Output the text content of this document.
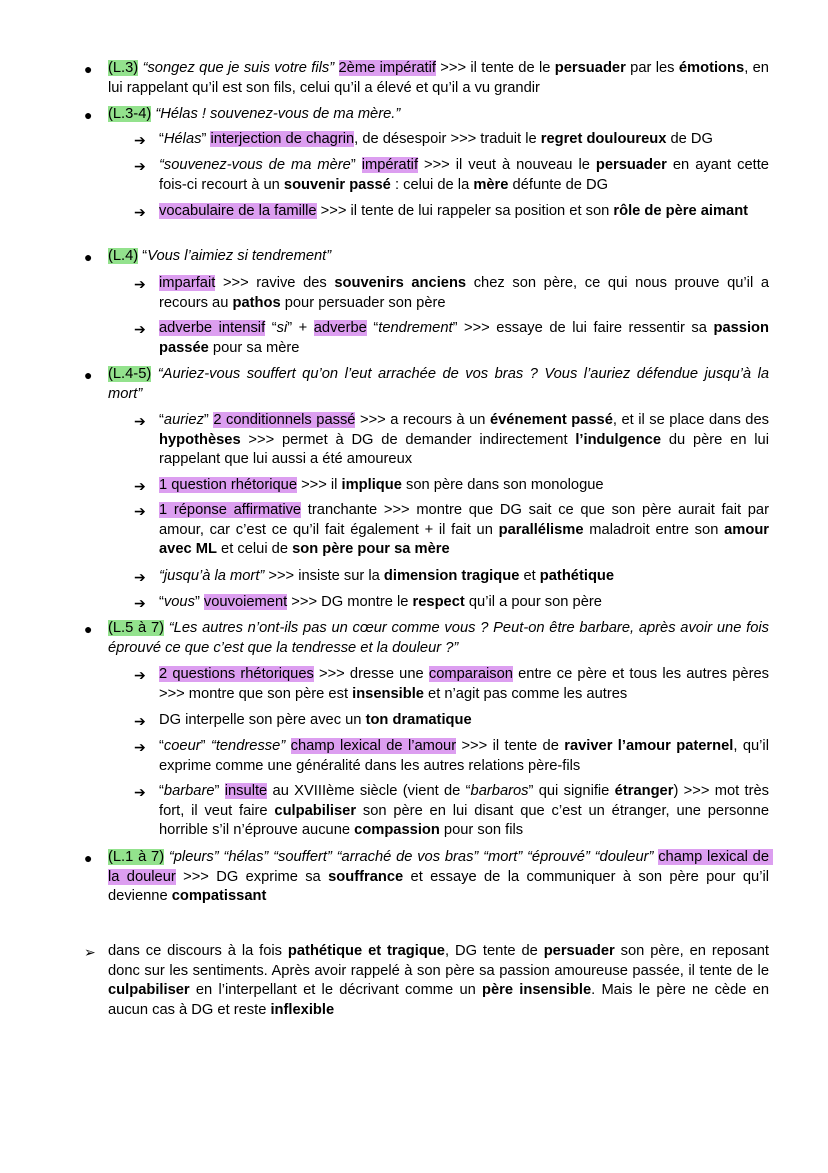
●	(L.3) “songez que je suis votre fils” 2ème impératif >>> il tente de le persuader par les émotions, en lui rappelant qu’il est son fils, celui qu’il a élevé et qu’il a vu grandir
●	(L.3-4) “Hélas ! souvenez-vous de ma mère.”
➔ “Hélas” interjection de chagrin, de désespoir >>> traduit le regret douloureux de DG
➔ “souvenez-vous de ma mère” impératif >>> il veut à nouveau le persuader en ayant cette fois-ci recourt à un souvenir passé : celui de la mère défunte de DG
➔ vocabulaire de la famille >>> il tente de lui rappeler sa position et son rôle de père aimant
●	(L.4) “Vous l’aimiez si tendrement”
➔ imparfait >>> ravive des souvenirs anciens chez son père, ce qui nous prouve qu’il a recours au pathos pour persuader son père
➔ adverbe intensif “si” + adverbe “tendrement” >>> essaye de lui faire ressentir sa passion passée pour sa mère
●	(L.4-5) “Auriez-vous souffert qu’on l’eut arrachée de vos bras ? Vous l’auriez défendue jusqu’à la mort”
➔ “auriez” 2 conditionnels passé >>> a recours à un événement passé, et il se place dans des hypothèses >>> permet à DG de demander indirectement l’indulgence du père en lui rappelant que lui aussi a été amoureux
➔ 1 question rhétorique >>> il implique son père dans son monologue
➔ 1 réponse affirmative tranchante >>> montre que DG sait ce que son père aurait fait par amour, car c’est ce qu’il fait également + il fait un parallélisme maladroit entre son amour avec ML et celui de son père pour sa mère
➔ “jusqu’à la mort” >>> insiste sur la dimension tragique et pathétique
➔ “vous” vouvoiement >>> DG montre le respect qu’il a pour son père
●	(L.5 à 7) “Les autres n’ont-ils pas un cœur comme vous ? Peut-on être barbare, après avoir une fois éprouvé ce que c’est que la tendresse et la douleur ?”
➔ 2 questions rhétoriques >>> dresse une comparaison entre ce père et tous les autres pères >>> montre que son père est insensible et n’agit pas comme les autres
➔ DG interpelle son père avec un ton dramatique
➔ “coeur” “tendresse” champ lexical de l’amour >>> il tente de raviver l’amour paternel, qu’il exprime comme une généralité dans les autres relations père-fils
➔ “barbare” insulte au XVIIIème siècle (vient de “barbaros” qui signifie étranger) >>> mot très fort, il veut faire culpabiliser son père en lui disant que c’est un étranger, une personne horrible s’il n’éprouve aucune compassion pour son fils
●	(L.1 à 7) “pleurs” “hélas” “souffert” “arraché de vos bras” “mort” “éprouvé” “douleur” champ lexical de la douleur >>> DG exprime sa souffrance et essaye de la communiquer à son père pour qu’il devienne compatissant
➢ dans ce discours à la fois pathétique et tragique, DG tente de persuader son père, en reposant donc sur les sentiments. Après avoir rappelé à son père sa passion amoureuse passée, il tente de le culpabiliser en l’interpellant et le décrivant comme un père insensible. Mais le père ne cède en aucun cas à DG et reste inflexible
